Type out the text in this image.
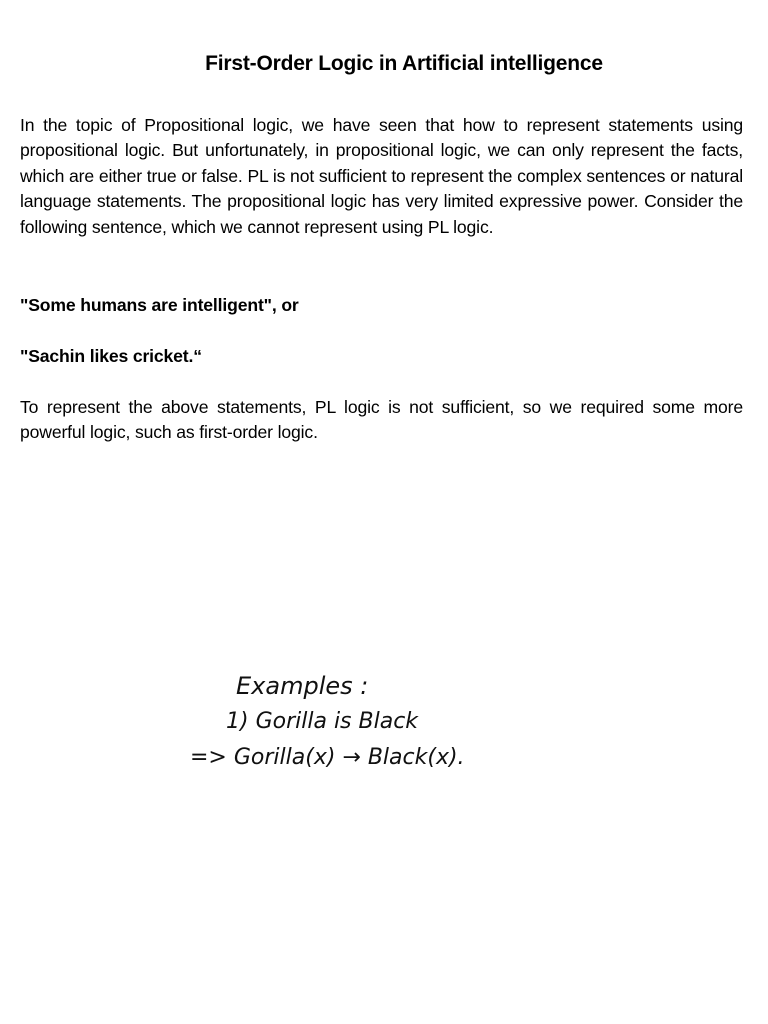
First-Order Logic in Artificial intelligence

In the topic of Propositional logic, we have seen that how to represent statements using propositional logic. But unfortunately, in propositional logic, we can only represent the facts, which are either true or false. PL is not sufficient to represent the complex sentences or natural language statements. The propositional logic has very limited expressive power. Consider the following sentence, which we cannot represent using PL logic.

"Some humans are intelligent", or

"Sachin likes cricket.“

To represent the above statements, PL logic is not sufficient, so we required some more powerful logic, such as first-order logic.

Examples :
1) Gorilla is Black
=> Gorilla(x) → Black(x).
